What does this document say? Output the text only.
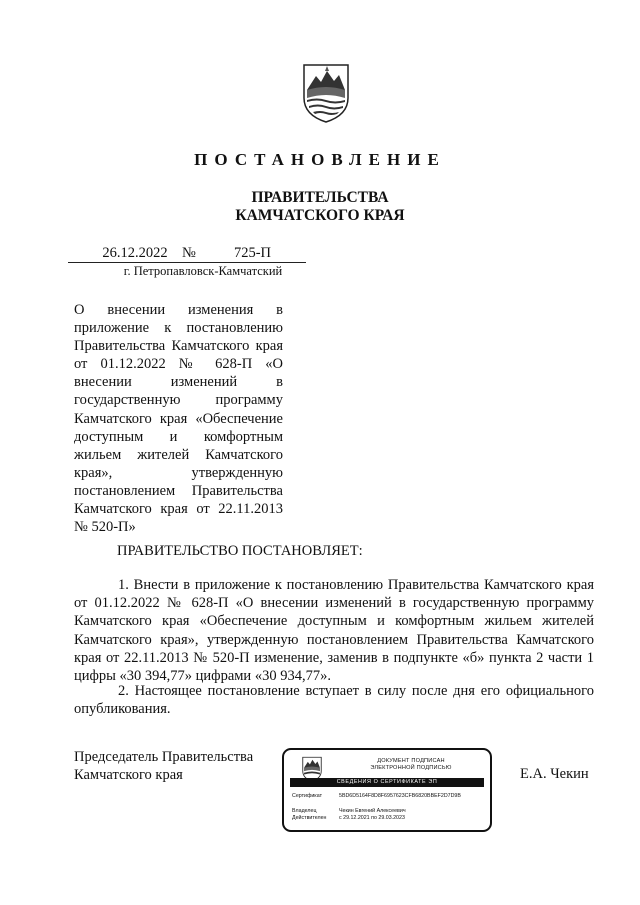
ПОСТАНОВЛЕНИЕ
ПРАВИТЕЛЬСТВА
КАМЧАТСКОГО КРАЯ
26.12.2022 №	725-П
г. Петропавловск-Камчатский
О внесении изменения в приложение к постановлению Правительства Камчатского края от 01.12.2022 № 628-П «О внесении изменений в государственную программу Камчатского края «Обеспечение доступным и комфортным жильем жителей Камчатского края», утвержденную постановлением Правительства Камчатского края от 22.11.2013 № 520-П»
ПРАВИТЕЛЬСТВО ПОСТАНОВЛЯЕТ:

1. Внести в приложение к постановлению Правительства Камчатского края от 01.12.2022 № 628-П «О внесении изменений в государственную программу Камчатского края «Обеспечение доступным и комфортным жильем жителей Камчатского края», утвержденную постановлением Правительства Камчатского края от 22.11.2013 № 520-П изменение, заменив в подпункте «б» пункта 2 части 1 цифры «30 394,77» цифрами «30 934,77».

2. Настоящее постановление вступает в силу после дня его официального опубликования.

Председатель Правительства
Камчатского края	Е.А. Чекин
ДОКУМЕНТ ПОДПИСАН
ЭЛЕКТРОННОЙ ПОДПИСЬЮ
СВЕДЕНИЯ О СЕРТИФИКАТЕ ЭП
Сертификат	5BD6D5164F8D8F6957623CFB6820BBEF2D7D9B
Владелец	Чекин Евгений Алексеевич
Действителен	с 29.12.2021 по 29.03.2023
